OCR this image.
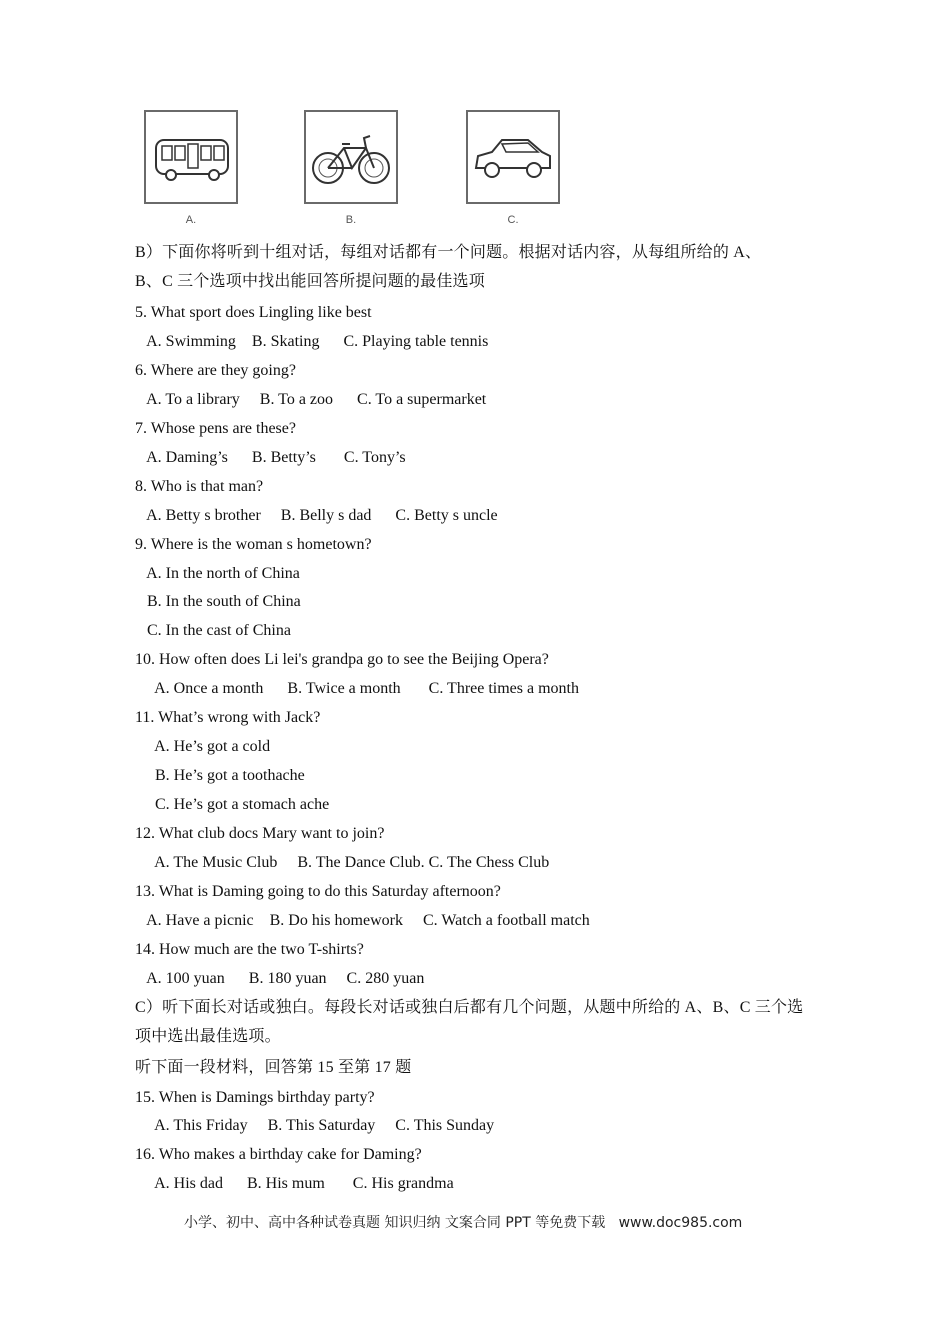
A.	B.	C.
B）下面你将听到十组对话，每组对话都有一个问题。根据对话内容，从每组所给的 A、
B、C 三个选项中找出能回答所提问题的最佳选项
5. What sport does Lingling like best
A. Swimming    B. Skating      C. Playing table tennis
6. Where are they going?
A. To a library     B. To a zoo      C. To a supermarket
7. Whose pens are these?
A. Daming’s      B. Betty’s       C. Tony’s
8. Who is that man?
A. Betty s brother     B. Belly s dad      C. Betty s uncle
9. Where is the woman s hometown?
A. In the north of China
B. In the south of China
C. In the cast of China
10. How often does Li lei's grandpa go to see the Beijing Opera?
A. Once a month      B. Twice a month       C. Three times a month
11. What’s wrong with Jack?
A. He’s got a cold
B. He’s got a toothache
C. He’s got a stomach ache
12. What club docs Mary want to join?
A. The Music Club     B. The Dance Club. C. The Chess Club
13. What is Daming going to do this Saturday afternoon?
A. Have a picnic    B. Do his homework     C. Watch a football match
14. How much are the two T-shirts?
A. 100 yuan      B. 180 yuan     C. 280 yuan
C）听下面长对话或独白。每段长对话或独白后都有几个问题，从题中所给的 A、B、C 三个选
项中选出最佳选项。
听下面一段材料，回答第 15 至第 17 题
15. When is Damings birthday party?
A. This Friday     B. This Saturday     C. This Sunday
16. Who makes a birthday cake for Daming?
A. His dad      B. His mum       C. His grandma
小学、初中、高中各种试卷真题 知识归纳 文案合同 PPT 等免费下载   www.doc985.com
